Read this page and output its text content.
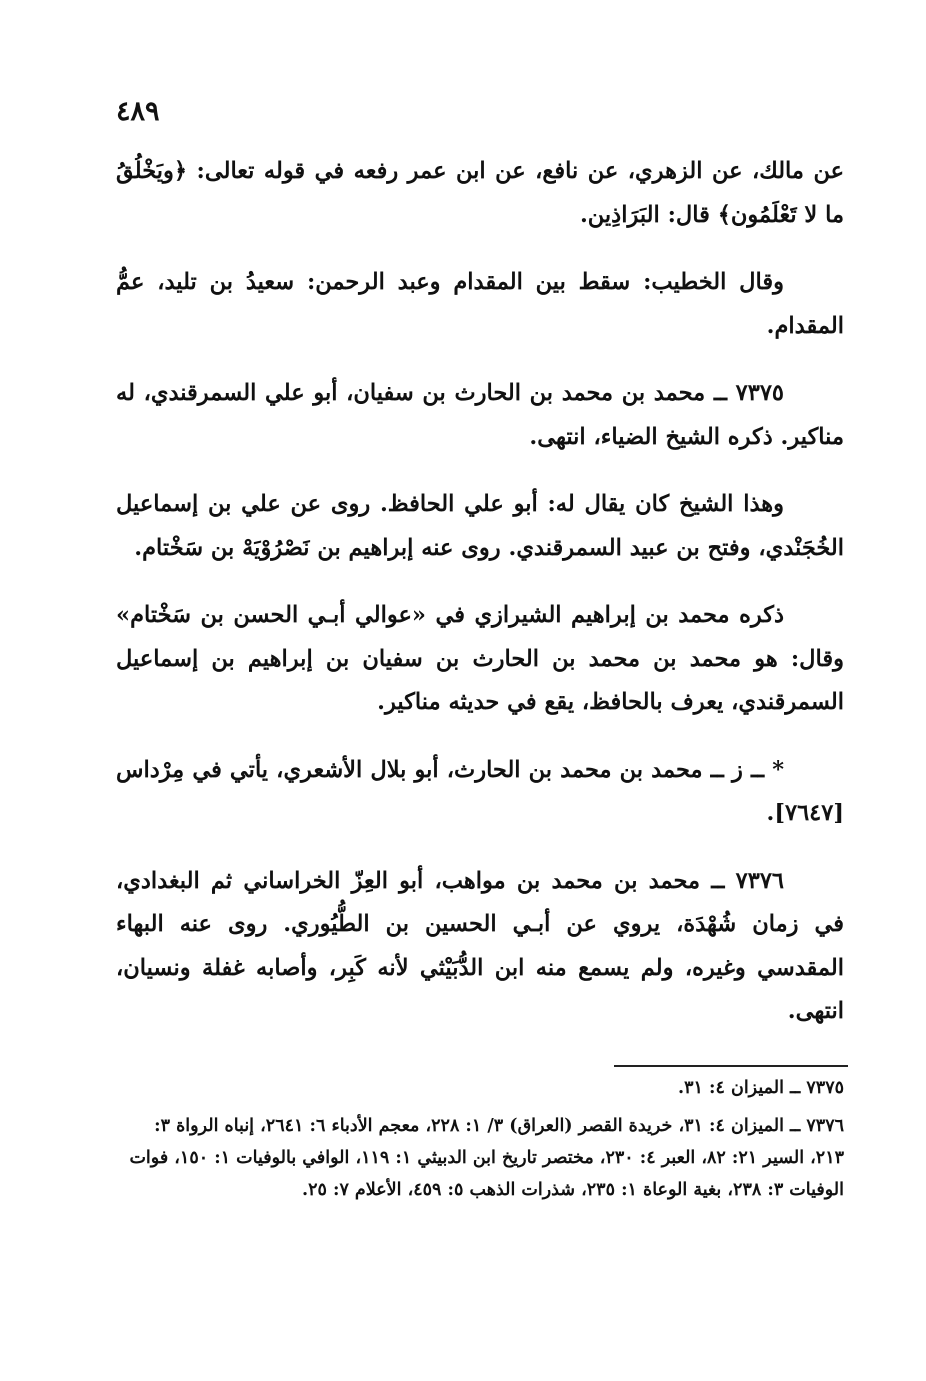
٤٨٩

عن مالك، عن الزهري، عن نافع، عن ابن عمر رفعه في قوله تعالى: ﴿ويَخْلُقُ ما لا تَعْلَمُون﴾ قال: البَرَاذِين.

وقال الخطيب: سقط بين المقدام وعبد الرحمن: سعيدُ بن تليد، عمُّ المقدام.

٧٣٧٥ ــ محمد بن محمد بن الحارث بن سفيان، أبو علي السمرقندي، له مناكير. ذكره الشيخ الضياء، انتهى.

وهذا الشيخ كان يقال له: أبو علي الحافظ. روى عن علي بن إسماعيل الخُجَنْدي، وفتح بن عبيد السمرقندي. روى عنه إبراهيم بن نَصْرُوْيَهْ بن سَخْتام.

ذكره محمد بن إبراهيم الشيرازي في «عوالي أبـي الحسن بن سَخْتام» وقال: هو محمد بن محمد بن الحارث بن سفيان بن إبراهيم بن إسماعيل السمرقندي، يعرف بالحافظ، يقع في حديثه مناكير.

* ــ ز ــ محمد بن محمد بن الحارث، أبو بلال الأشعري، يأتي في مِرْداس [٧٦٤٧].

٧٣٧٦ ــ محمد بن محمد بن مواهب، أبو العِزّ الخراساني ثم البغدادي، في زمان شُهْدَة، يروي عن أبـي الحسين بن الطُّيُوري. روى عنه البهاء المقدسي وغيره، ولم يسمع منه ابن الدُّبَيْثي لأنه كَبِر، وأصابه غفلة ونسيان، انتهى.

٧٣٧٥ ــ الميزان ٤: ٣١.

٧٣٧٦ ــ الميزان ٤: ٣١، خريدة القصر (العراق) ٣/ ١: ٢٢٨، معجم الأدباء ٦: ٢٦٤١، إنباه الرواة ٣: ٢١٣، السير ٢١: ٨٢، العبر ٤: ٢٣٠، مختصر تاريخ ابن الدبيثي ١: ١١٩، الوافي بالوفيات ١: ١٥٠، فوات الوفيات ٣: ٢٣٨، بغية الوعاة ١: ٢٣٥، شذرات الذهب ٥: ٤٥٩، الأعلام ٧: ٢٥.
